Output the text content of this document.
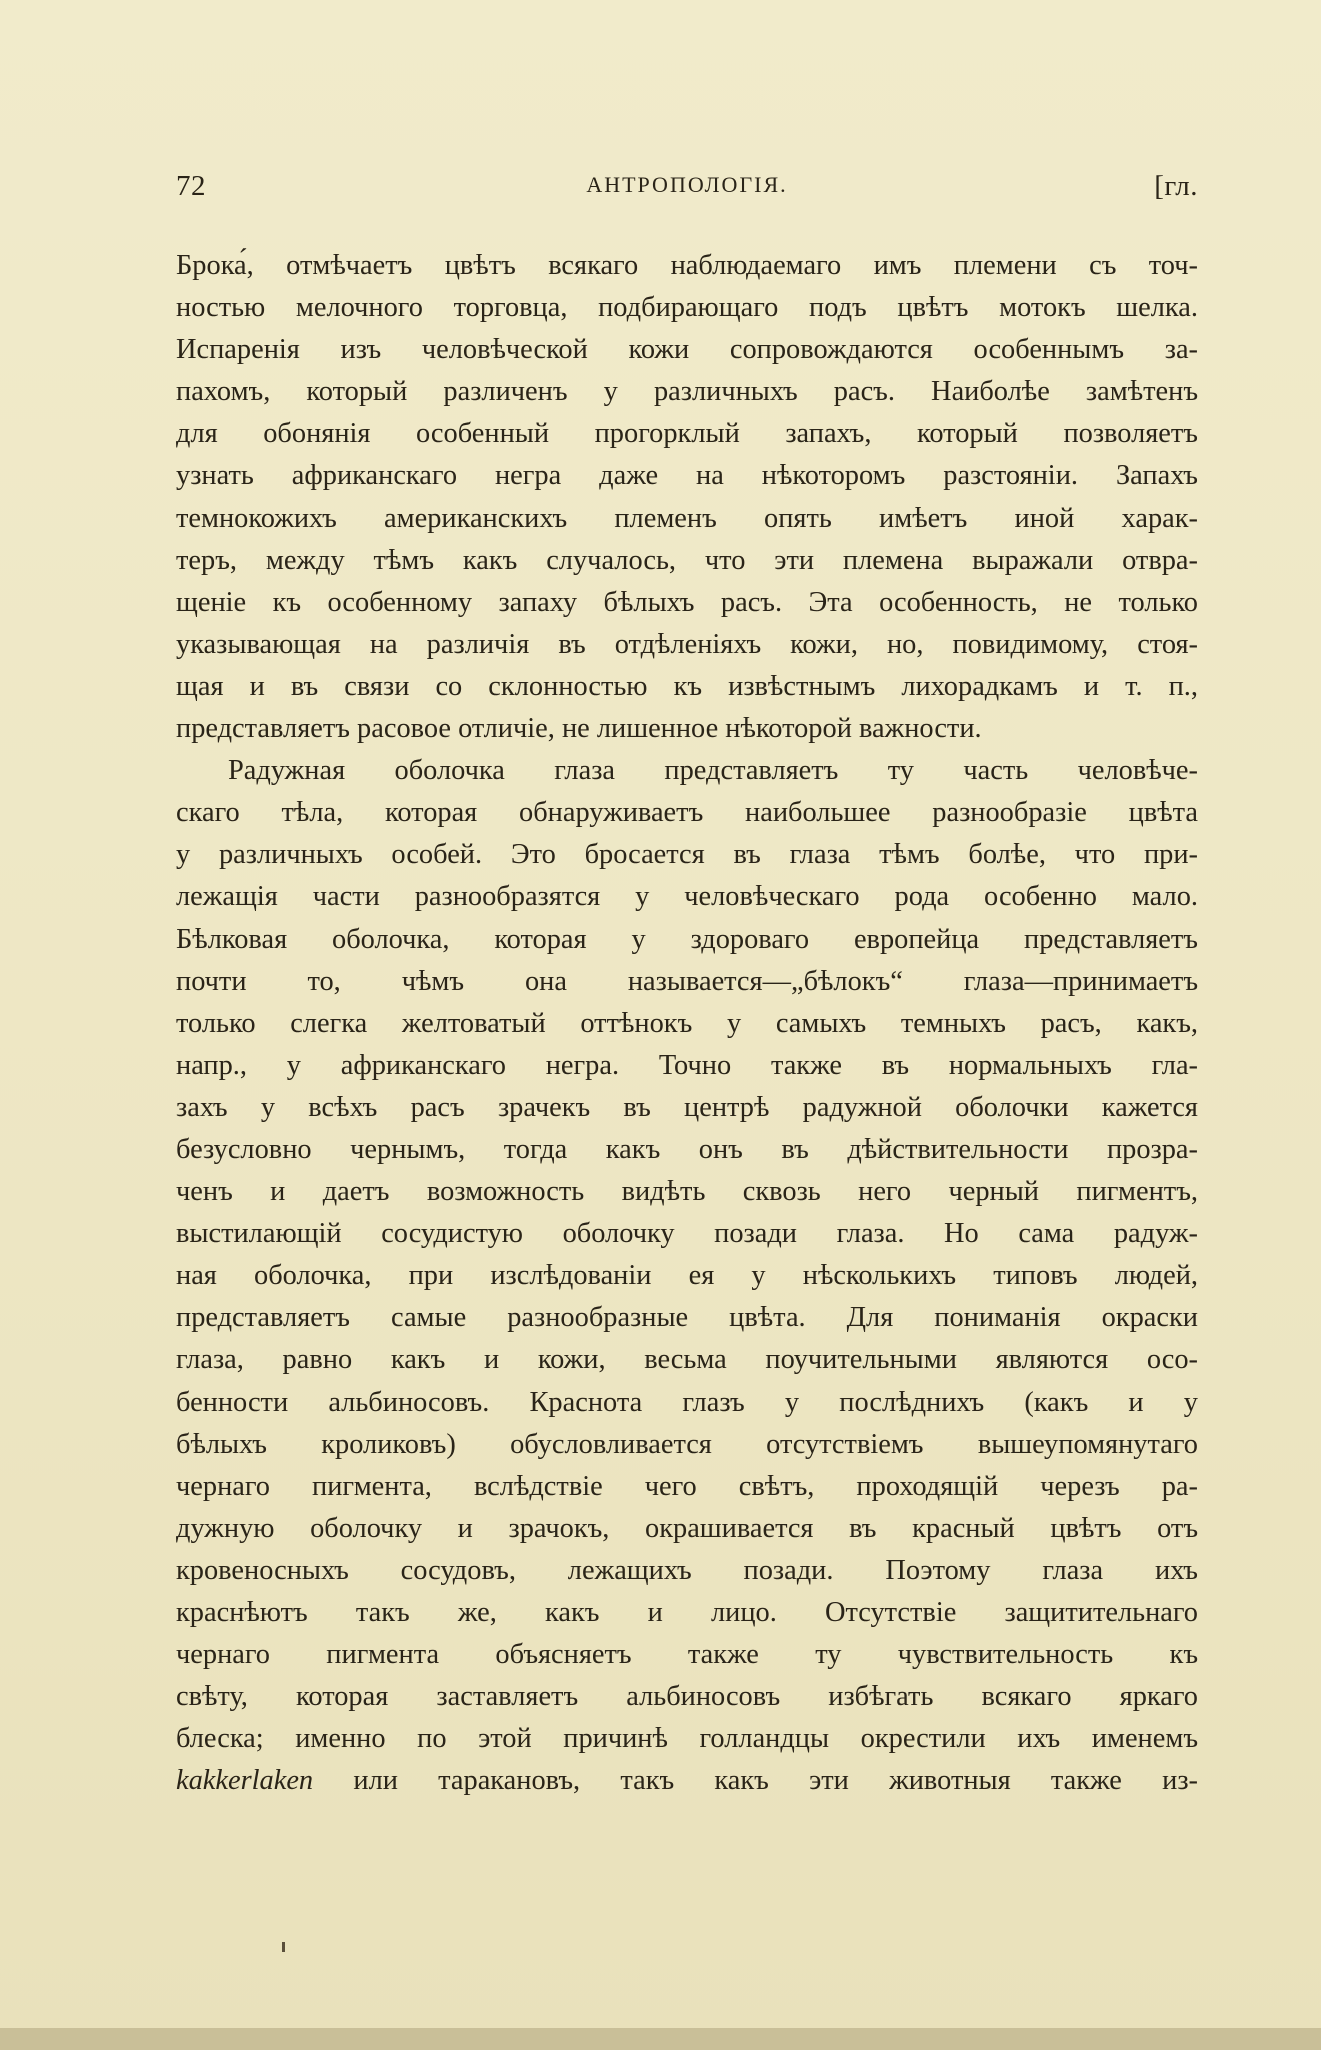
72	АНТРОПОЛОГІЯ.	[гл.
Брока́, отмѣчаетъ цвѣтъ всякаго наблюдаемаго имъ племени съ точ-
ностью мелочного торговца, подбирающаго подъ цвѣтъ мотокъ шелка.
Испаренія изъ человѣческой кожи сопровождаются особеннымъ за-
пахомъ, который различенъ у различныхъ расъ. Наиболѣе замѣтенъ
для обонянія особенный прогорклый запахъ, который позволяетъ
узнать африканскаго негра даже на нѣкоторомъ разстояніи. Запахъ
темнокожихъ американскихъ племенъ опять имѣетъ иной харак-
теръ, между тѣмъ какъ случалось, что эти племена выражали отвра-
щеніе къ особенному запаху бѣлыхъ расъ. Эта особенность, не только
указывающая на различія въ отдѣленіяхъ кожи, но, повидимому, стоя-
щая и въ связи со склонностью къ извѣстнымъ лихорадкамъ и т. п.,
представляетъ расовое отличіе, не лишенное нѣкоторой важности.
Радужная оболочка глаза представляетъ ту часть человѣче-
скаго тѣла, которая обнаруживаетъ наибольшее разнообразіе цвѣта
у различныхъ особей. Это бросается въ глаза тѣмъ болѣе, что при-
лежащія части разнообразятся у человѣческаго рода особенно мало.
Бѣлковая оболочка, которая у здороваго европейца представляетъ
почти то, чѣмъ она называется—„бѣлокъ“ глаза—принимаетъ
только слегка желтоватый оттѣнокъ у самыхъ темныхъ расъ, какъ,
напр., у африканскаго негра. Точно также въ нормальныхъ гла-
захъ у всѣхъ расъ зрачекъ въ центрѣ радужной оболочки кажется
безусловно чернымъ, тогда какъ онъ въ дѣйствительности прозра-
ченъ и даетъ возможность видѣть сквозь него черный пигментъ,
выстилающій сосудистую оболочку позади глаза. Но сама радуж-
ная оболочка, при изслѣдованіи ея у нѣсколькихъ типовъ людей,
представляетъ самые разнообразные цвѣта. Для пониманія окраски
глаза, равно какъ и кожи, весьма поучительными являются осо-
бенности альбиносовъ. Краснота глазъ у послѣднихъ (какъ и у
бѣлыхъ кроликовъ) обусловливается отсутствіемъ вышеупомянутаго
чернаго пигмента, вслѣдствіе чего свѣтъ, проходящій черезъ ра-
дужную оболочку и зрачокъ, окрашивается въ красный цвѣтъ отъ
кровеносныхъ сосудовъ, лежащихъ позади. Поэтому глаза ихъ
краснѣютъ такъ же, какъ и лицо. Отсутствіе защитительнаго
чернаго пигмента объясняетъ также ту чувствительность къ
свѣту, которая заставляетъ альбиносовъ избѣгать всякаго яркаго
блеска; именно по этой причинѣ голландцы окрестили ихъ именемъ
kakkerlaken или таракановъ, такъ какъ эти животныя также из-
